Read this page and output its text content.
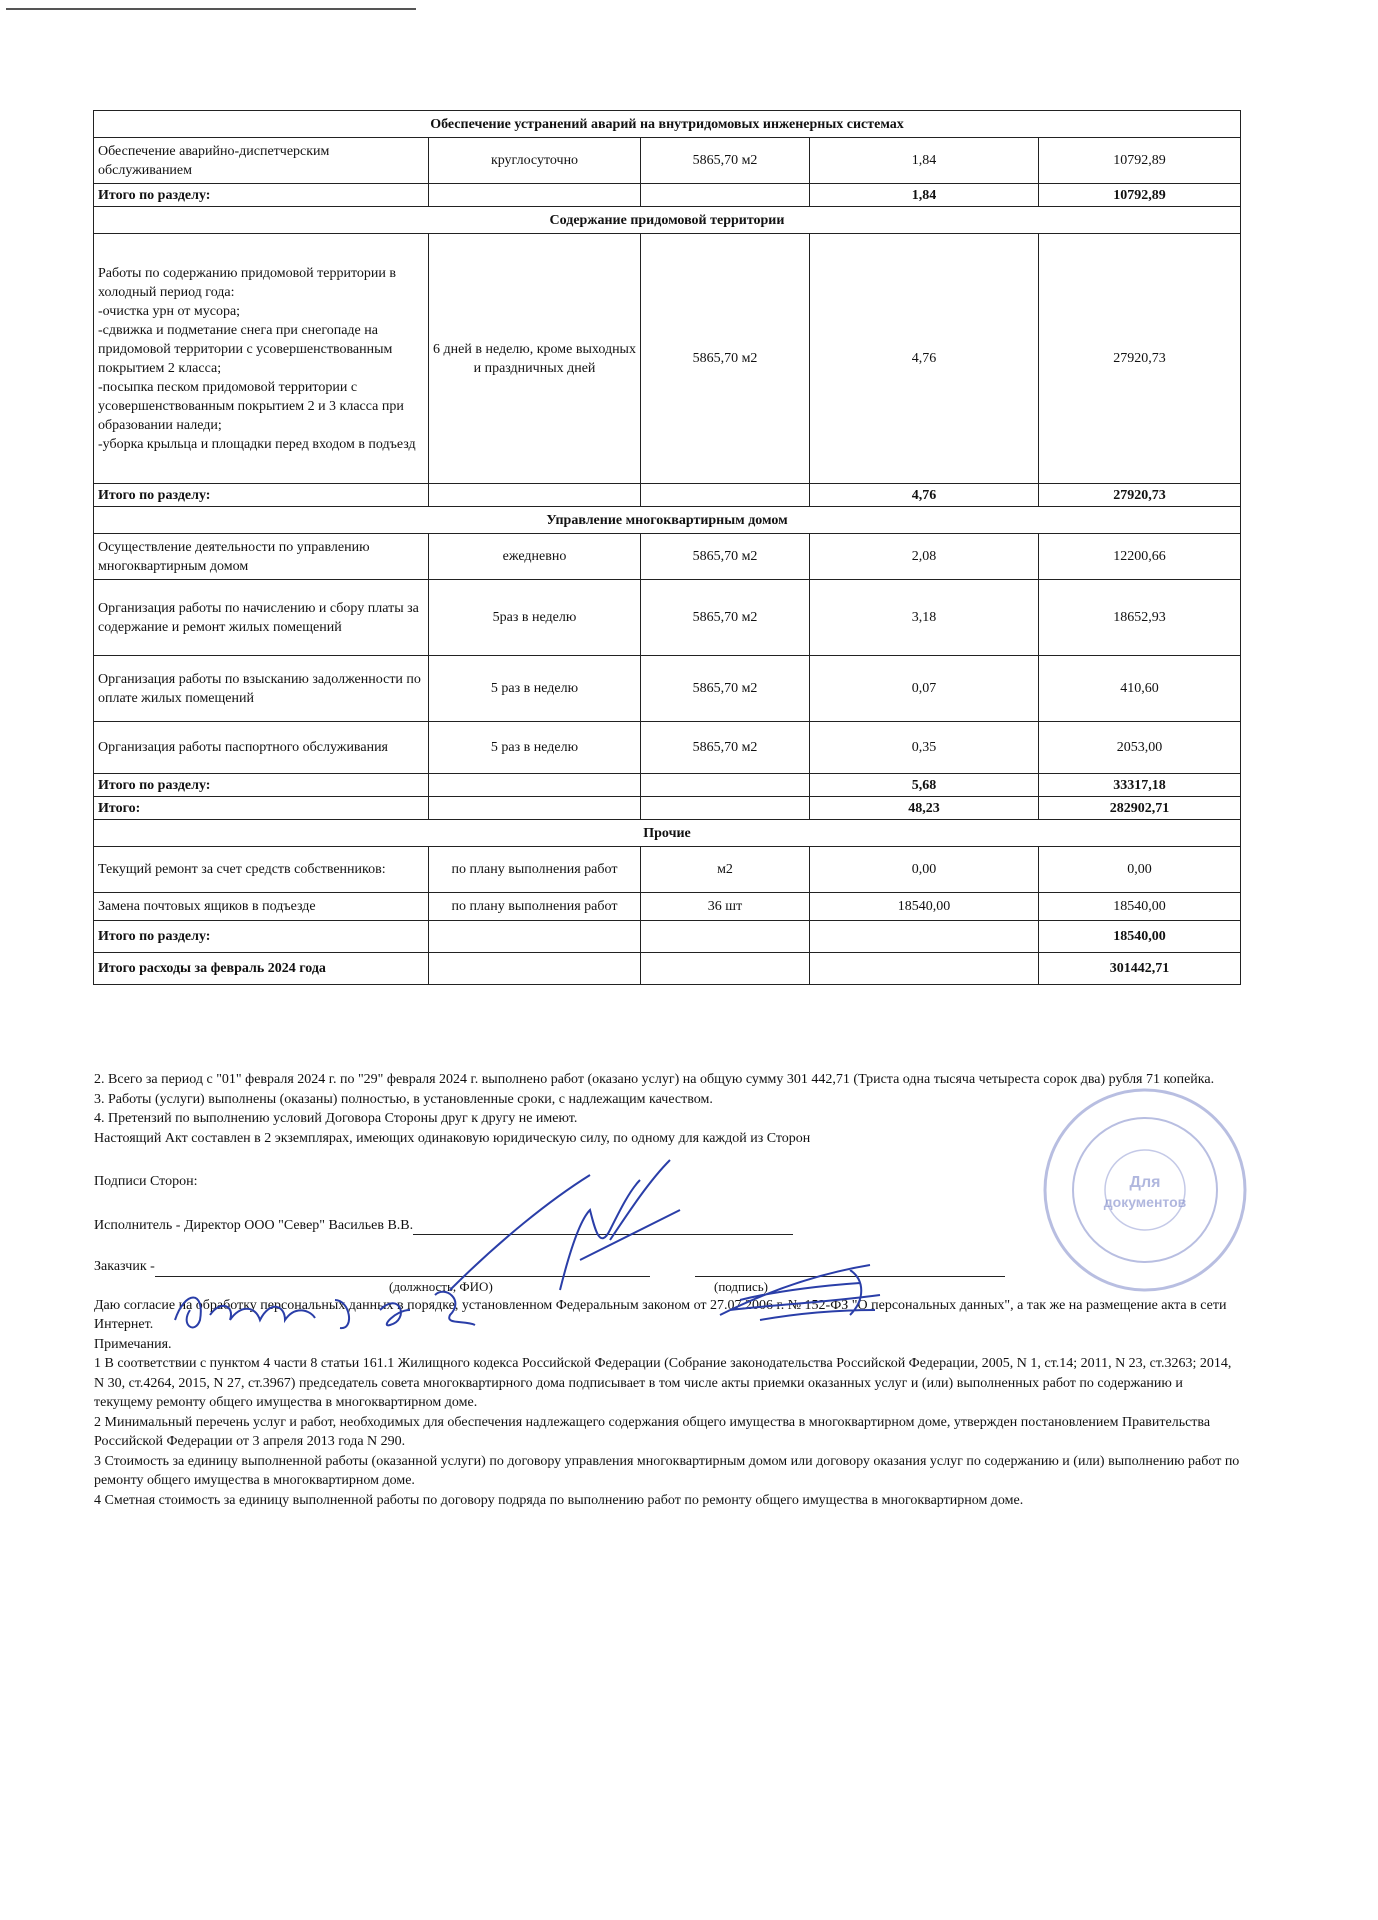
Обеспечение устранений аварий на внутридомовых инженерных системах				
Обеспечение аварийно-диспетчерским обслуживанием	круглосуточно	5865,70 м2	1,84	10792,89
Итого по разделу:			1,84	10792,89
Содержание придомовой территории				

Работы по содержанию придомовой территории в холодный период года:
-очистка урн от мусора;
-сдвижка и подметание снега при снегопаде на придомовой территории с усовершенствованным покрытием 2 класса;
-посыпка песком придомовой территории с усовершенствованным покрытием 2 и 3 класса при образовании наледи;
-уборка крыльца и площадки перед входом в подъезд	6 дней в неделю, кроме выходных и праздничных дней	5865,70 м2	4,76	27920,73
Итого по разделу:			4,76	27920,73
Управление многоквартирным домом				
Осуществление деятельности по управлению многоквартирным домом	ежедневно	5865,70 м2	2,08	12200,66
Организация работы по начислению и сбору платы за содержание и ремонт жилых помещений	5раз в неделю	5865,70 м2	3,18	18652,93
Организация работы по взысканию задолженности по оплате жилых помещений	5 раз в неделю	5865,70 м2	0,07	410,60
Организация работы паспортного обслуживания	5 раз в неделю	5865,70 м2	0,35	2053,00
Итого по разделу:			5,68	33317,18
Итого:			48,23	282902,71
Прочие				
Текущий ремонт за счет средств собственников:	по плану выполнения работ	м2	0,00	0,00
Замена почтовых ящиков в подъезде	по плану выполнения работ	36 шт	18540,00	18540,00
Итого по разделу:				18540,00
Итого расходы за февраль 2024 года				301442,71

2. Всего за период с "01" февраля 2024 г. по "29" февраля 2024 г. выполнено работ (оказано услуг) на общую сумму 301 442,71 (Триста одна тысяча четыреста сорок два) рубля 71 копейка.

3. Работы (услуги) выполнены (оказаны) полностью, в установленные сроки, с надлежащим качеством.

4. Претензий по выполнению условий Договора Стороны друг к другу не имеют.

Настоящий Акт составлен в 2 экземплярах, имеющих одинаковую юридическую силу, по одному для каждой из Сторон

Подписи Сторон:

Исполнитель - Директор ООО "Север" Васильев В.В.

Заказчик -

(должность, ФИО)	(подпись)

Даю согласие на обработку персональных данных в порядке, установленном Федеральным законом от 27.07.2006 г. № 152-ФЗ "О персональных данных", а так же на размещение акта в сети Интернет.

Примечания.

1 В соответствии с пунктом 4 части 8 статьи 161.1 Жилищного кодекса Российской Федерации (Собрание законодательства Российской Федерации, 2005, N 1, ст.14; 2011, N 23, ст.3263; 2014, N 30, ст.4264, 2015, N 27, ст.3967) председатель совета многоквартирного дома подписывает в том числе акты приемки оказанных услуг и (или) выполненных работ по содержанию и текущему ремонту общего имущества в многоквартирном доме.

2 Минимальный перечень услуг и работ, необходимых для обеспечения надлежащего содержания общего имущества в многоквартирном доме, утвержден постановлением Правительства Российской Федерации от 3 апреля 2013 года N 290.

3 Стоимость за единицу выполненной работы (оказанной услуги) по договору управления многоквартирным домом или договору оказания услуг по содержанию и (или) выполнению работ по ремонту общего имущества в многоквартирном доме.

4 Сметная стоимость за единицу выполненной работы по договору подряда по выполнению работ по ремонту общего имущества в многоквартирном доме.

Для
документов
